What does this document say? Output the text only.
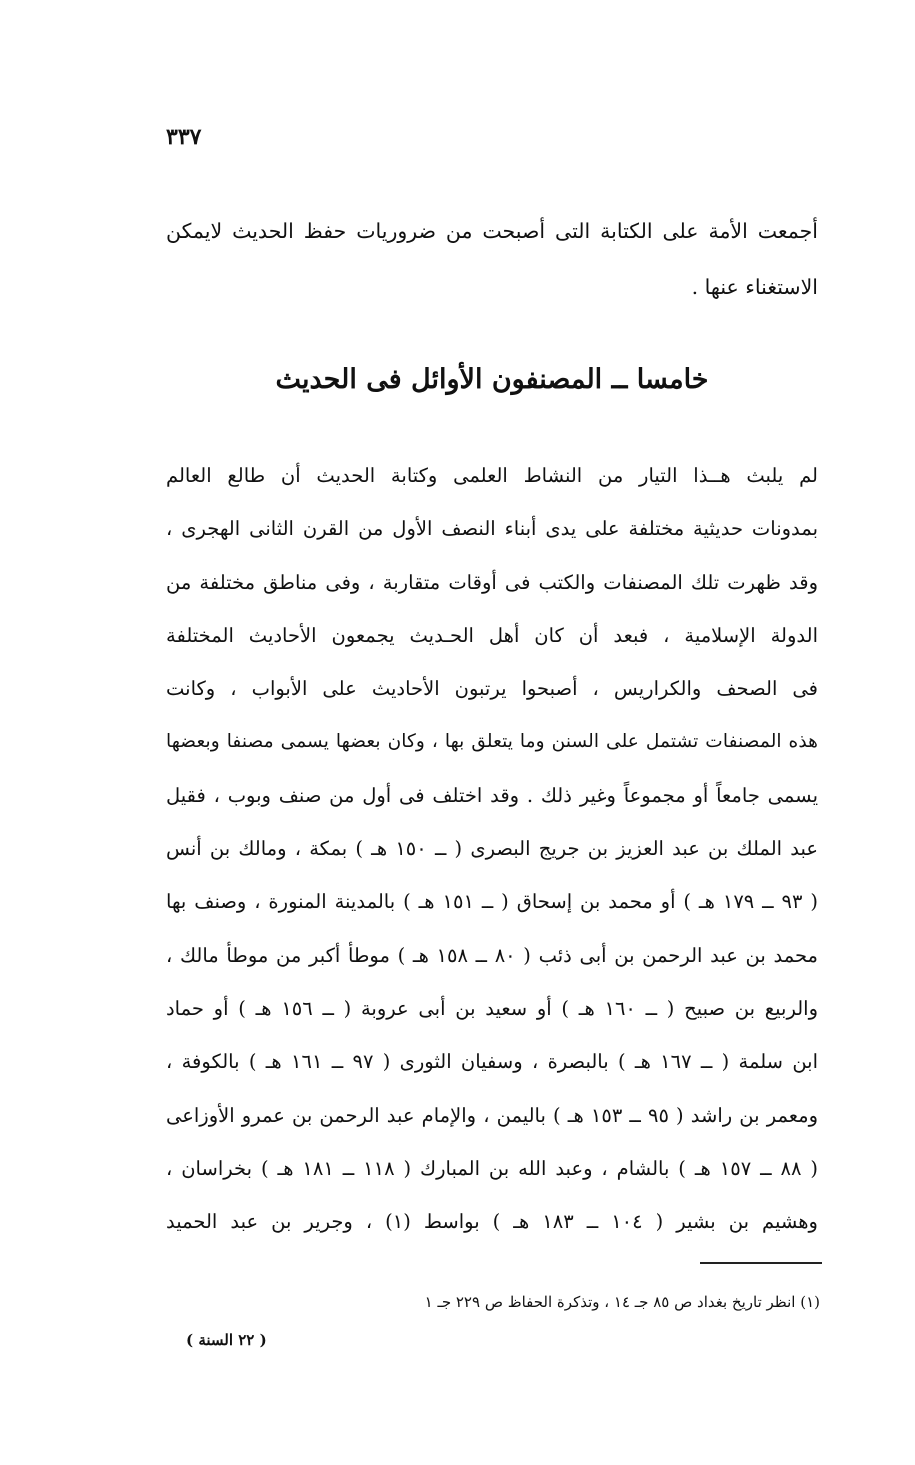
٣٣٧
أجمعت الأمة على الكتابة التى أصبحت من ضروريات حفظ الحديث لايمكن
الاستغناء عنها .
خامسا ــ المصنفون الأوائل فى الحديث
لم يلبث هــذا التيار من النشاط العلمى وكتابة الحديث أن طالع العالم
بمدونات حديثية مختلفة على يدى أبناء النصف الأول من القرن الثانى الهجرى ،
وقد ظهرت تلك المصنفات والكتب فى أوقات متقاربة ، وفى مناطق مختلفة من
الدولة الإسلامية ، فبعد أن كان أهل الحـديث يجمعون الأحاديث المختلفة
فى الصحف والكراريس ، أصبحوا يرتبون الأحاديث على الأبواب ، وكانت
هذه المصنفات تشتمل على السنن وما يتعلق بها ، وكان بعضها يسمى مصنفا وبعضها
يسمى جامعاً أو مجموعاً وغير ذلك . وقد اختلف فى أول من صنف وبوب ، فقيل
عبد الملك بن عبد العزيز بن جريج البصرى ( ــ ١٥٠ هـ ) بمكة ، ومالك بن أنس
( ٩٣ ــ ١٧٩ هـ ) أو محمد بن إسحاق ( ــ ١٥١ هـ ) بالمدينة المنورة ، وصنف بها
محمد بن عبد الرحمن بن أبى ذئب ( ٨٠ ــ ١٥٨ هـ ) موطأ أكبر من موطأ مالك ،
والربيع بن صبيح ( ــ ١٦٠ هـ ) أو سعيد بن أبى عروبة ( ــ ١٥٦ هـ ) أو حماد
ابن سلمة ( ــ ١٦٧ هـ ) بالبصرة ، وسفيان الثورى ( ٩٧ ــ ١٦١ هـ ) بالكوفة ،
ومعمر بن راشد ( ٩٥ ــ ١٥٣ هـ ) باليمن ، والإمام عبد الرحمن بن عمرو الأوزاعى
( ٨٨ ــ ١٥٧ هـ ) بالشام ، وعبد الله بن المبارك ( ١١٨ ــ ١٨١ هـ ) بخراسان ،
وهشيم بن بشير ( ١٠٤ ــ ١٨٣ هـ ) بواسط (١) ، وجرير بن عبد الحميد
(١) انظر تاريخ بغداد ص ٨٥ جـ ١٤ ، وتذكرة الحفاظ ص ٢٢٩ جـ ١
( ٢٢ السنة )
